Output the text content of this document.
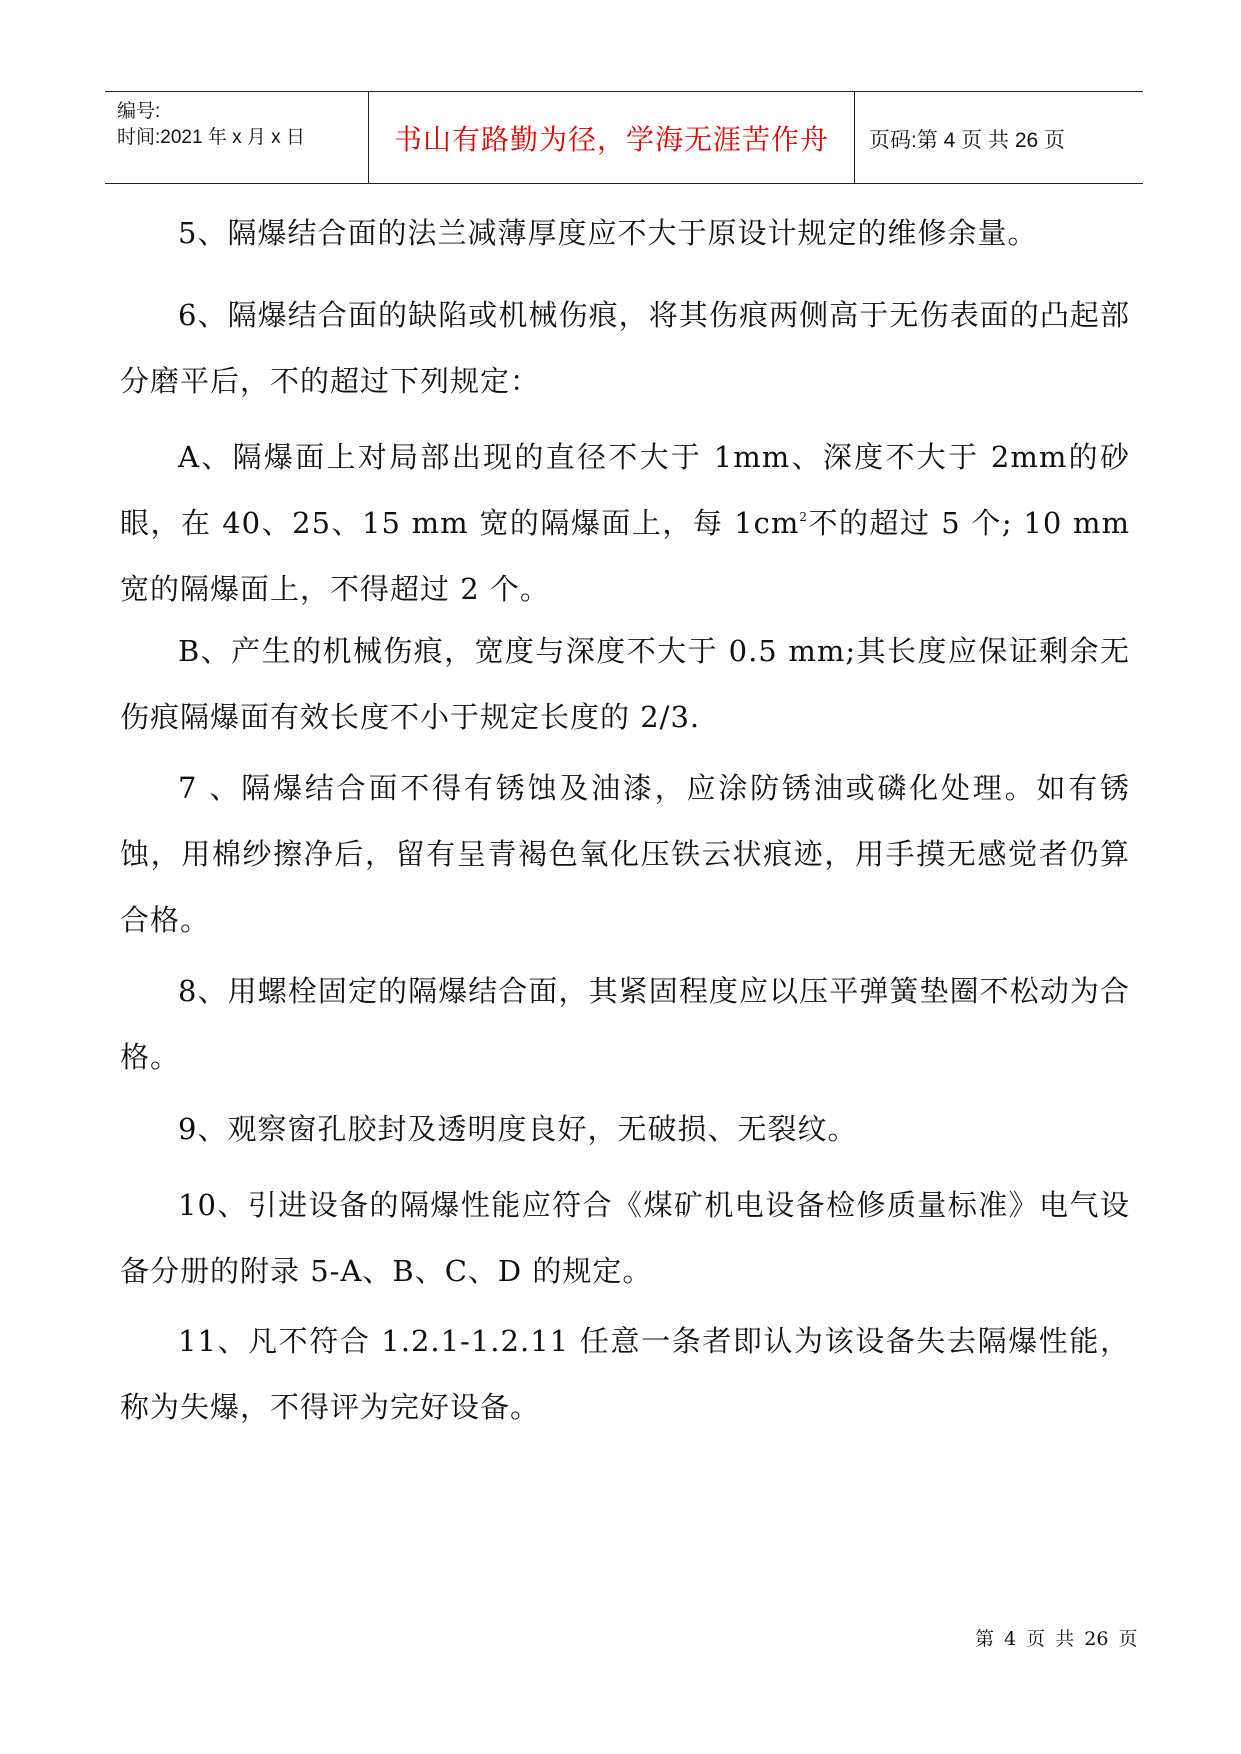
编号:
时间:2021 年 x 月 x 日	书山有路勤为径，学海无涯苦作舟	页码:第 4 页 共 26 页

5、隔爆结合面的法兰减薄厚度应不大于原设计规定的维修余量。

6、隔爆结合面的缺陷或机械伤痕，将其伤痕两侧高于无伤表面的凸起部分磨平后，不的超过下列规定：

A、隔爆面上对局部出现的直径不大于 1mm、深度不大于 2mm的砂眼，在 40、25、15 mm 宽的隔爆面上，每 $1cm^2$不的超过 5 个; 10 mm 宽的隔爆面上，不得超过 2 个。

B、产生的机械伤痕，宽度与深度不大于 0.5 mm;其长度应保证剩余无伤痕隔爆面有效长度不小于规定长度的 2/3.

7 、隔爆结合面不得有锈蚀及油漆，应涂防锈油或磷化处理。如有锈蚀，用棉纱擦净后，留有呈青褐色氧化压铁云状痕迹，用手摸无感觉者仍算合格。

8、用螺栓固定的隔爆结合面，其紧固程度应以压平弹簧垫圈不松动为合格。

9、观察窗孔胶封及透明度良好，无破损、无裂纹。

10、引进设备的隔爆性能应符合《煤矿机电设备检修质量标准》电气设备分册的附录 5-A、B、C、D 的规定。

11、凡不符合 1.2.1-1.2.11 任意一条者即认为该设备失去隔爆性能，称为失爆，不得评为完好设备。

第 4 页 共 26 页
